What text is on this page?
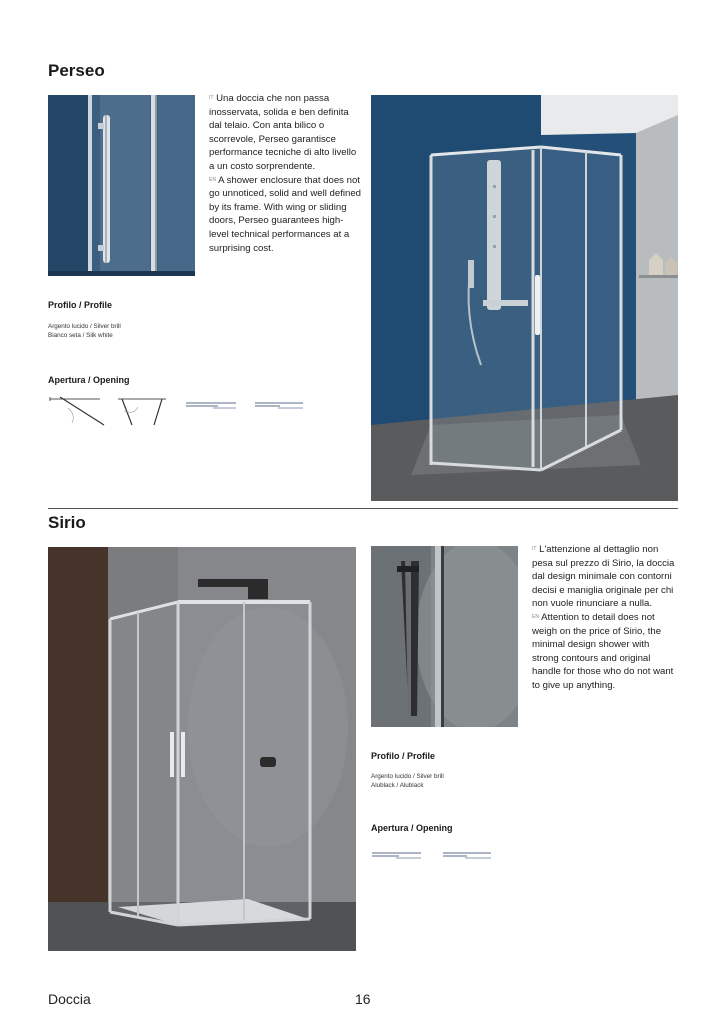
Perseo

$^{IT}$ Una doccia che non passa inosservata, solida e ben definita dal telaio. Con anta bilico o scorrevole, Perseo garantisce performance tecniche di alto livello a un costo sorprendente.
$^{EN}$ A shower enclosure that does not go unnoticed, solid and well defined by its frame. With wing or sliding doors, Perseo guarantees high-level technical performances at a surprising cost.

Profilo / Profile
Argento lucido / Silver brill
Bianco seta / Silk white
Apertura / Opening
Sirio

$^{IT}$ L'attenzione al dettaglio non pesa sul prezzo di Sirio, la doccia dal design minimale con contorni decisi e maniglia originale per chi non vuole rinunciare a nulla.
$^{EN}$ Attention to detail does not weigh on the price of Sirio, the minimal design shower with strong contours and original handle for those who do not want to give up anything.

Profilo / Profile
Argento lucido / Silver brill
Alublack / Alublack
Apertura / Opening
Doccia	16
